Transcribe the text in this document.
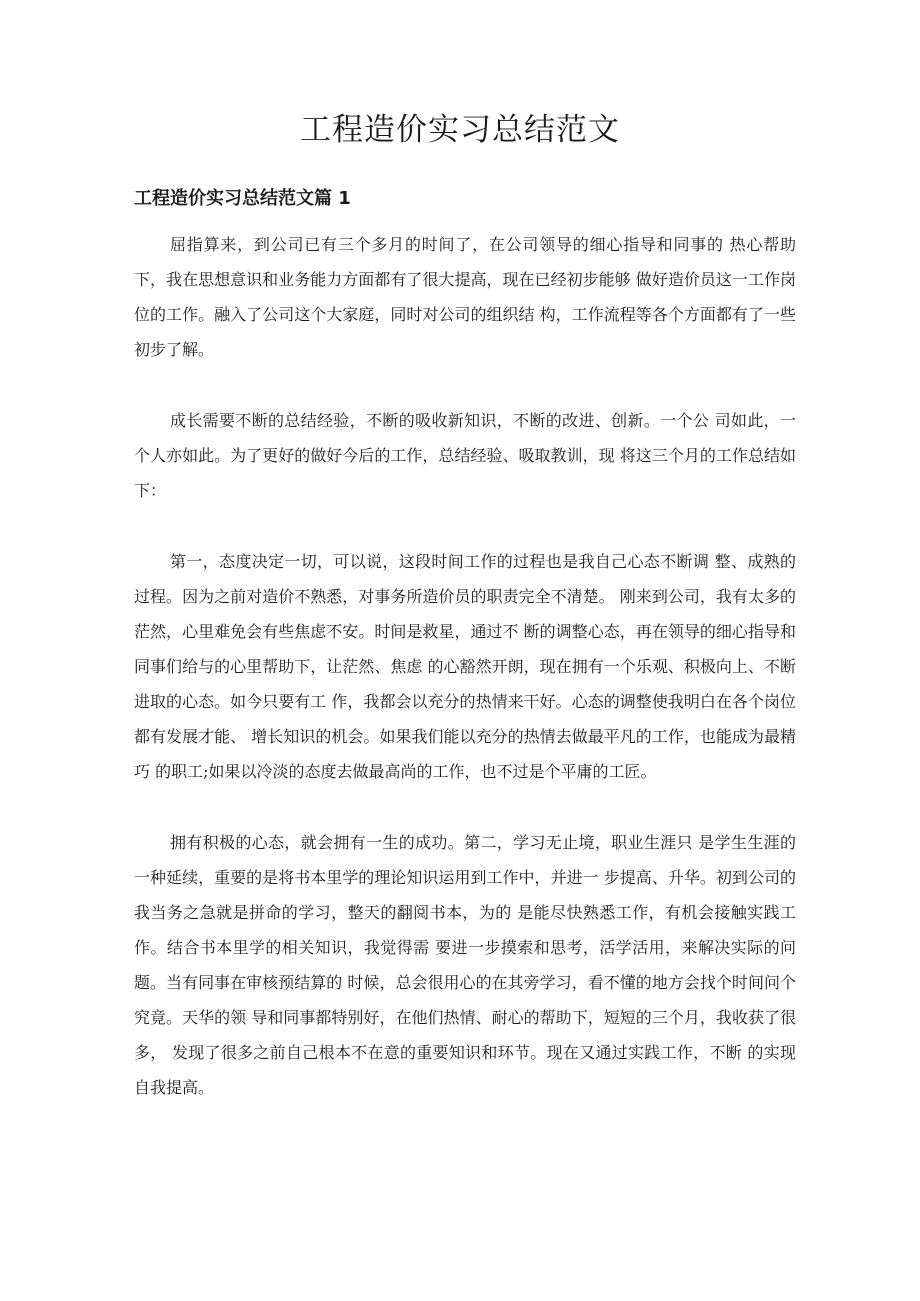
工程造价实习总结范文
工程造价实习总结范文篇 1

屈指算来，到公司已有三个多月的时间了，在公司领导的细心指导和同事的 热心帮助下，我在思想意识和业务能力方面都有了很大提高，现在已经初步能够 做好造价员这一工作岗位的工作。融入了公司这个大家庭，同时对公司的组织结 构，工作流程等各个方面都有了一些初步了解。

成长需要不断的总结经验，不断的吸收新知识，不断的改进、创新。一个公 司如此，一个人亦如此。为了更好的做好今后的工作，总结经验、吸取教训，现 将这三个月的工作总结如下：

第一，态度决定一切，可以说，这段时间工作的过程也是我自己心态不断调 整、成熟的过程。因为之前对造价不熟悉，对事务所造价员的职责完全不清楚。 刚来到公司，我有太多的茫然，心里难免会有些焦虑不安。时间是救星，通过不 断的调整心态，再在领导的细心指导和同事们给与的心里帮助下，让茫然、焦虑 的心豁然开朗，现在拥有一个乐观、积极向上、不断进取的心态。如今只要有工 作，我都会以充分的热情来干好。心态的调整使我明白在各个岗位都有发展才能、 增长知识的机会。如果我们能以充分的热情去做最平凡的工作，也能成为最精巧 的职工;如果以冷淡的态度去做最高尚的工作，也不过是个平庸的工匠。

拥有积极的心态，就会拥有一生的成功。第二，学习无止境，职业生涯只 是学生生涯的一种延续，重要的是将书本里学的理论知识运用到工作中，并进一 步提高、升华。初到公司的我当务之急就是拼命的学习，整天的翻阅书本，为的 是能尽快熟悉工作，有机会接触实践工作。结合书本里学的相关知识，我觉得需 要进一步摸索和思考，活学活用，来解决实际的问题。当有同事在审核预结算的 时候，总会很用心的在其旁学习，看不懂的地方会找个时间问个究竟。天华的领 导和同事都特别好，在他们热情、耐心的帮助下，短短的三个月，我收获了很多， 发现了很多之前自己根本不在意的重要知识和环节。现在又通过实践工作，不断 的实现自我提高。
